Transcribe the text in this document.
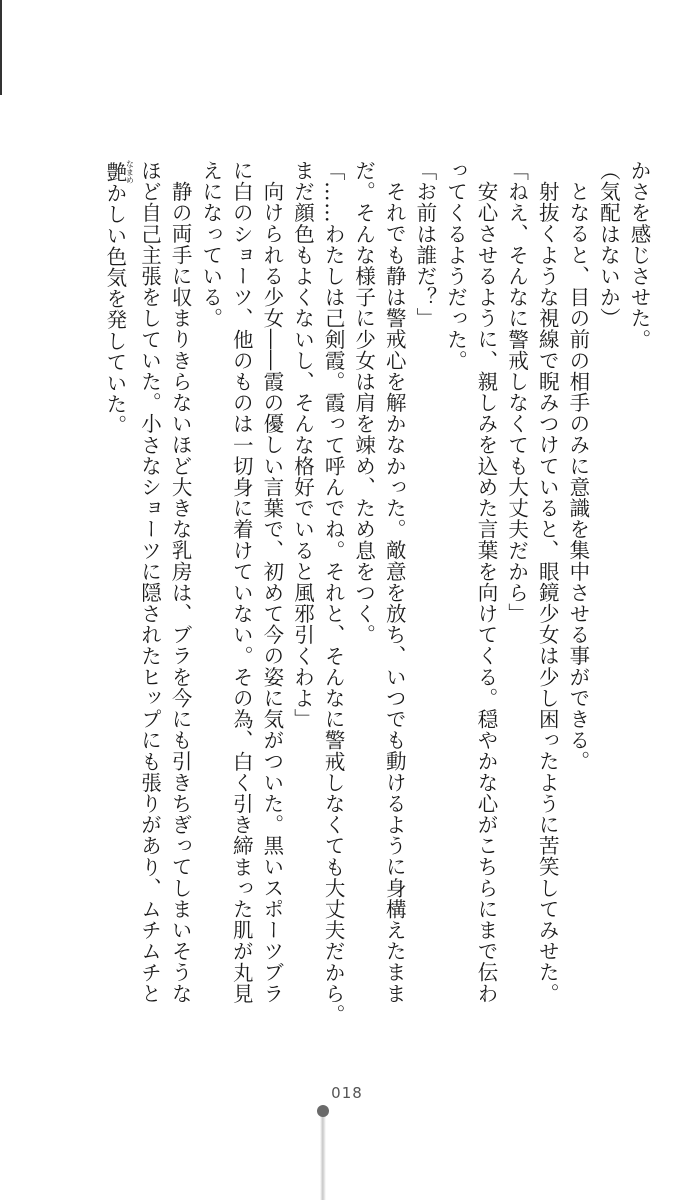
かさを感じさせた。
（気配はないか）
となると、目の前の相手のみに意識を集中させる事ができる。
射抜くような視線で睨みつけていると、眼鏡少女は少し困ったように苦笑してみせた。
「ねえ、そんなに警戒しなくても大丈夫だから」
安心させるように、親しみを込めた言葉を向けてくる。穏やかな心がこちらにまで伝わ
ってくるようだった。
「お前は誰だ？」
それでも静は警戒心を解かなかった。敵意を放ち、いつでも動けるように身構えたまま
だ。そんな様子に少女は肩を竦め、ため息をつく。
「……わたしは己剣霞。霞って呼んでね。それと、そんなに警戒しなくても大丈夫だから。
まだ顔色もよくないし、そんな格好でいると風邪引くわよ」
向けられる少女――霞の優しい言葉で、初めて今の姿に気がついた。黒いスポーツブラ
に白のショーツ、他のものは一切身に着けていない。その為、白く引き締まった肌が丸見
えになっている。
静の両手に収まりきらないほど大きな乳房は、ブラを今にも引きちぎってしまいそうな
ほど自己主張をしていた。小さなショーツに隠されたヒップにも張りがあり、ムチムチと
艶なまめかしい色気を発していた。
018
